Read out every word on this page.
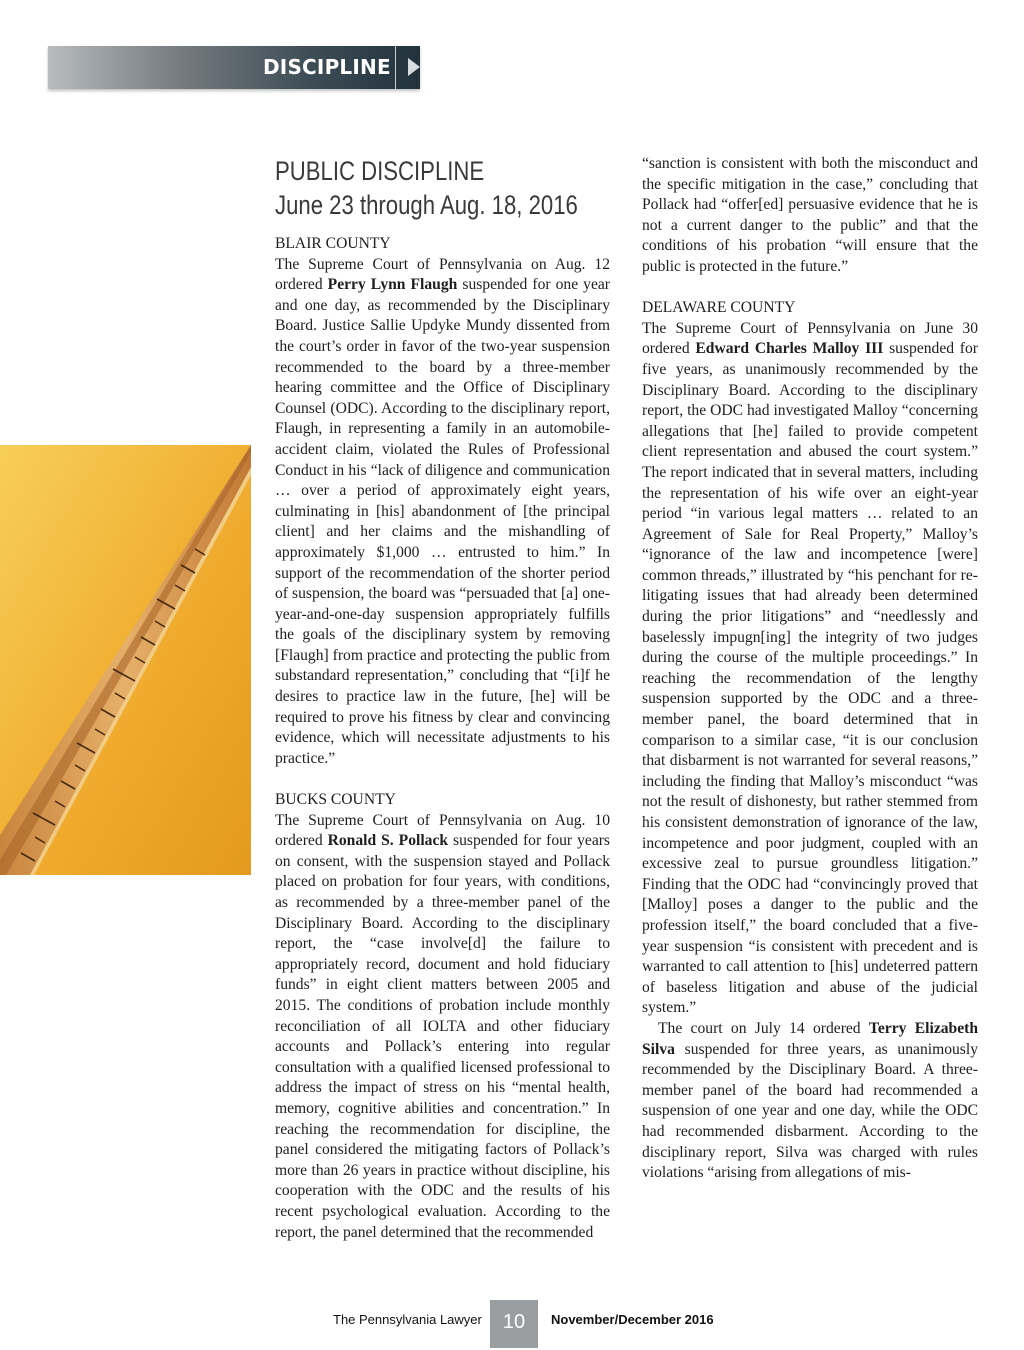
DISCIPLINE
PUBLIC DISCIPLINE
June 23 through Aug. 18, 2016
BLAIR COUNTY

The Supreme Court of Pennsylvania on Aug. 12 ordered Perry Lynn Flaugh suspended for one year and one day, as recommended by the Disciplinary Board. Justice Sallie Updyke Mundy dissented from the court’s order in favor of the two-year suspension recommended to the board by a three-member hearing committee and the Office of Disciplinary Counsel (ODC). According to the disciplinary report, Flaugh, in representing a family in an automobile-accident claim, violated the Rules of Professional Conduct in his “lack of diligence and communication … over a period of approximately eight years, culminating in [his] abandonment of [the principal client] and her claims and the mishandling of approximately $1,000 … entrusted to him.” In support of the recommendation of the shorter period of suspension, the board was “persuaded that [a] one-year-and-one-day suspension appropriately fulfills the goals of the disciplinary system by removing [Flaugh] from practice and protecting the public from substandard representation,” concluding that “[i]f he desires to practice law in the future, [he] will be required to prove his fitness by clear and convincing evidence, which will necessitate adjustments to his practice.”

BUCKS COUNTY

The Supreme Court of Pennsylvania on Aug. 10 ordered Ronald S. Pollack suspended for four years on consent, with the suspension stayed and Pollack placed on probation for four years, with conditions, as recommended by a three-member panel of the Disciplinary Board. According to the disciplinary report, the “case involve[d] the failure to appropriately record, document and hold fiduciary funds” in eight client matters between 2005 and 2015. The conditions of probation include monthly reconciliation of all IOLTA and other fiduciary accounts and Pollack’s entering into regular consultation with a qualified licensed professional to address the impact of stress on his “mental health, memory, cognitive abilities and concentration.” In reaching the recommendation for discipline, the panel considered the mitigating factors of Pollack’s more than 26 years in practice without discipline, his cooperation with the ODC and the results of his recent psychological evaluation. According to the report, the panel determined that the recommended

“sanction is consistent with both the misconduct and the specific mitigation in the case,” concluding that Pollack had “offer[ed] persuasive evidence that he is not a current danger to the public” and that the conditions of his probation “will ensure that the public is protected in the future.”

DELAWARE COUNTY

The Supreme Court of Pennsylvania on June 30 ordered Edward Charles Malloy III suspended for five years, as unanimously recommended by the Disciplinary Board. According to the disciplinary report, the ODC had investigated Malloy “concerning allegations that [he] failed to provide competent client representation and abused the court system.” The report indicated that in several matters, including the representation of his wife over an eight-year period “in various legal matters … related to an Agreement of Sale for Real Property,” Malloy’s “ignorance of the law and incompetence [were] common threads,” illustrated by “his penchant for re-litigating issues that had already been determined during the prior litigations” and “needlessly and baselessly impugn[ing] the integrity of two judges during the course of the multiple proceedings.” In reaching the recommendation of the lengthy suspension supported by the ODC and a three-member panel, the board determined that in comparison to a similar case, “it is our conclusion that disbarment is not warranted for several reasons,” including the finding that Malloy’s misconduct “was not the result of dishonesty, but rather stemmed from his consistent demonstration of ignorance of the law, incompetence and poor judgment, coupled with an excessive zeal to pursue groundless litigation.” Finding that the ODC had “convincingly proved that [Malloy] poses a danger to the public and the profession itself,” the board concluded that a five-year suspension “is consistent with precedent and is warranted to call attention to [his] undeterred pattern of baseless litigation and abuse of the judicial system.”

The court on July 14 ordered Terry Elizabeth Silva suspended for three years, as unanimously recommended by the Disciplinary Board. A three-member panel of the board had recommended a suspension of one year and one day, while the ODC had recommended disbarment. According to the disciplinary report, Silva was charged with rules violations “arising from allegations of mis-

The Pennsylvania Lawyer	10	November/December 2016
